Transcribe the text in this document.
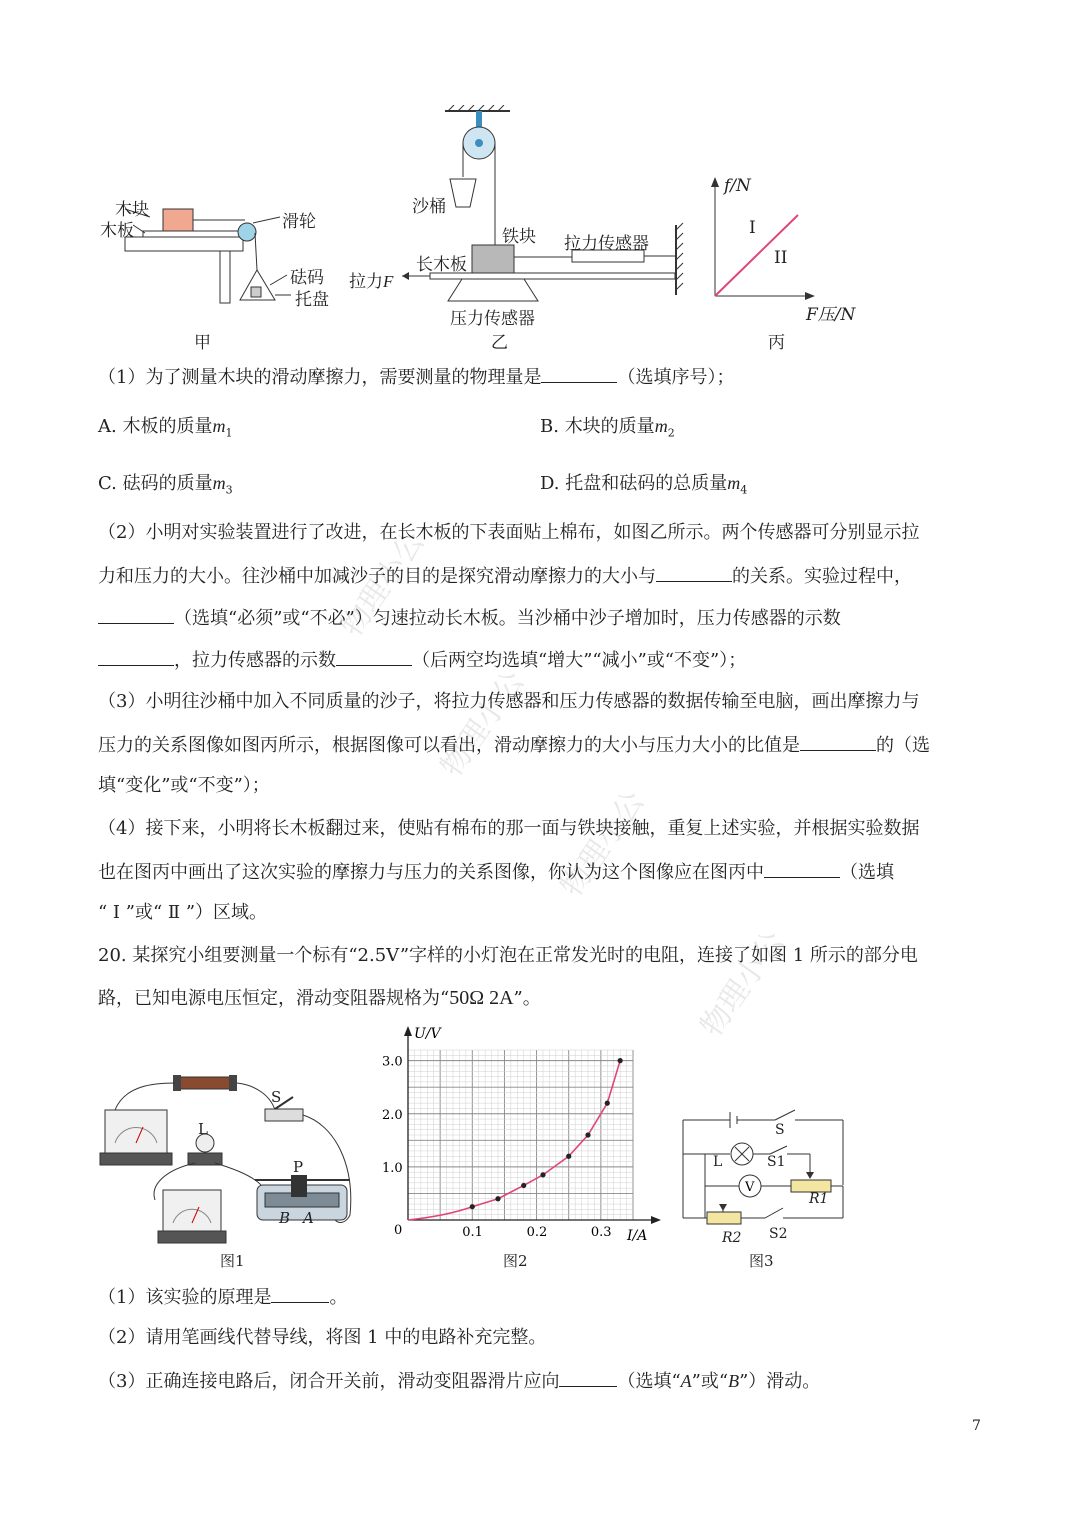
物理小公
物理小公
物理小公
物理小公
木块
木板	滑轮
砝码
托盘
甲
沙桶
铁块 拉力传感器
长木板
拉力F
压力传感器
乙
f/N
I
II
F压/N
丙
（1）为了测量木块的滑动摩擦力，需要测量的物理量是	（选填序号）；
A. 木板的质量$m_1$	B. 木块的质量$m_2$
C. 砝码的质量$m_3$	D. 托盘和砝码的总质量$m_4$
（2）小明对实验装置进行了改进，在长木板的下表面贴上棉布，如图乙所示。两个传感器可分别显示拉
力和压力的大小。往沙桶中加减沙子的目的是探究滑动摩擦力的大小与	的关系。实验过程中，
（选填“必须”或“不必”）匀速拉动长木板。当沙桶中沙子增加时，压力传感器的示数
，拉力传感器的示数	（后两空均选填“增大”“减小”或“不变”）；
（3）小明往沙桶中加入不同质量的沙子，将拉力传感器和压力传感器的数据传输至电脑，画出摩擦力与
压力的关系图像如图丙所示，根据图像可以看出，滑动摩擦力的大小与压力大小的比值是	的（选
填“变化”或“不变”）；
（4）接下来，小明将长木板翻过来，使贴有棉布的那一面与铁块接触，重复上述实验，并根据实验数据
也在图丙中画出了这次实验的摩擦力与压力的关系图像，你认为这个图像应在图丙中	（选填
“ Ⅰ ”或“ Ⅱ ”）区域。
20. 某探究小组要测量一个标有“2.5V”字样的小灯泡在正常发光时的电阻，连接了如图 1 所示的部分电
路，已知电源电压恒定，滑动变阻器规格为“50Ω 2A”。
S
L
P
B A
图1
U/V
I/A
0	0.1	0.2	0.3
1.0
2.0
3.0
图2
V
S
L	S1
R1
R2 S2
图3
（1）该实验的原理是	。
（2）请用笔画线代替导线，将图 1 中的电路补充完整。
（3）正确连接电路后，闭合开关前，滑动变阻器滑片应向	（选填“A”或“B”）滑动。
7
